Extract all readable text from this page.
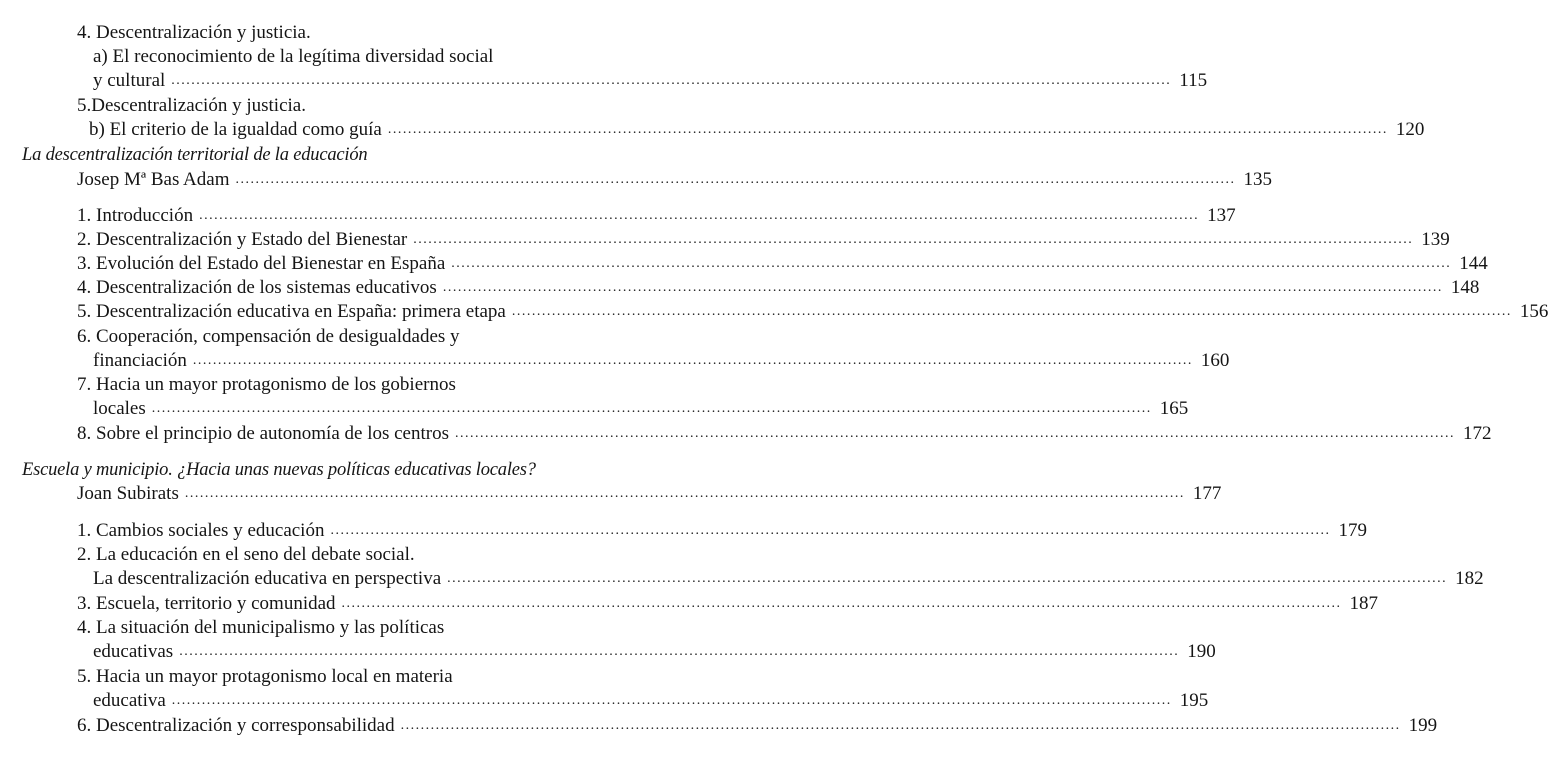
4. Descentralización y justicia.
a) El reconocimiento de la legítima diversidad social
y cultural ........................................................................................................................................................................................................ 115
5.Descentralización y justicia.
b) El criterio de la igualdad como guía ........................................................................................................................................................................................................ 120
La descentralización territorial de la educación
Josep Mª Bas Adam ........................................................................................................................................................................................................ 135
1. Introducción ........................................................................................................................................................................................................ 137
2. Descentralización y Estado del Bienestar ........................................................................................................................................................................................................ 139
3. Evolución del Estado del Bienestar en España ........................................................................................................................................................................................................ 144
4. Descentralización de los sistemas educativos ........................................................................................................................................................................................................ 148
5. Descentralización educativa en España: primera etapa ........................................................................................................................................................................................................ 156
6. Cooperación, compensación de desigualdades y
financiación ........................................................................................................................................................................................................ 160
7. Hacia un mayor protagonismo de los gobiernos
locales ........................................................................................................................................................................................................ 165
8. Sobre el principio de autonomía de los centros ........................................................................................................................................................................................................ 172
Escuela y municipio. ¿Hacia unas nuevas políticas educativas locales?
Joan Subirats ........................................................................................................................................................................................................ 177
1. Cambios sociales y educación ........................................................................................................................................................................................................ 179
2. La educación en el seno del debate social.
La descentralización educativa en perspectiva ........................................................................................................................................................................................................ 182
3. Escuela, territorio y comunidad ........................................................................................................................................................................................................ 187
4. La situación del municipalismo y las políticas
educativas ........................................................................................................................................................................................................ 190
5. Hacia un mayor protagonismo local en materia
educativa ........................................................................................................................................................................................................ 195
6. Descentralización y corresponsabilidad ........................................................................................................................................................................................................ 199
